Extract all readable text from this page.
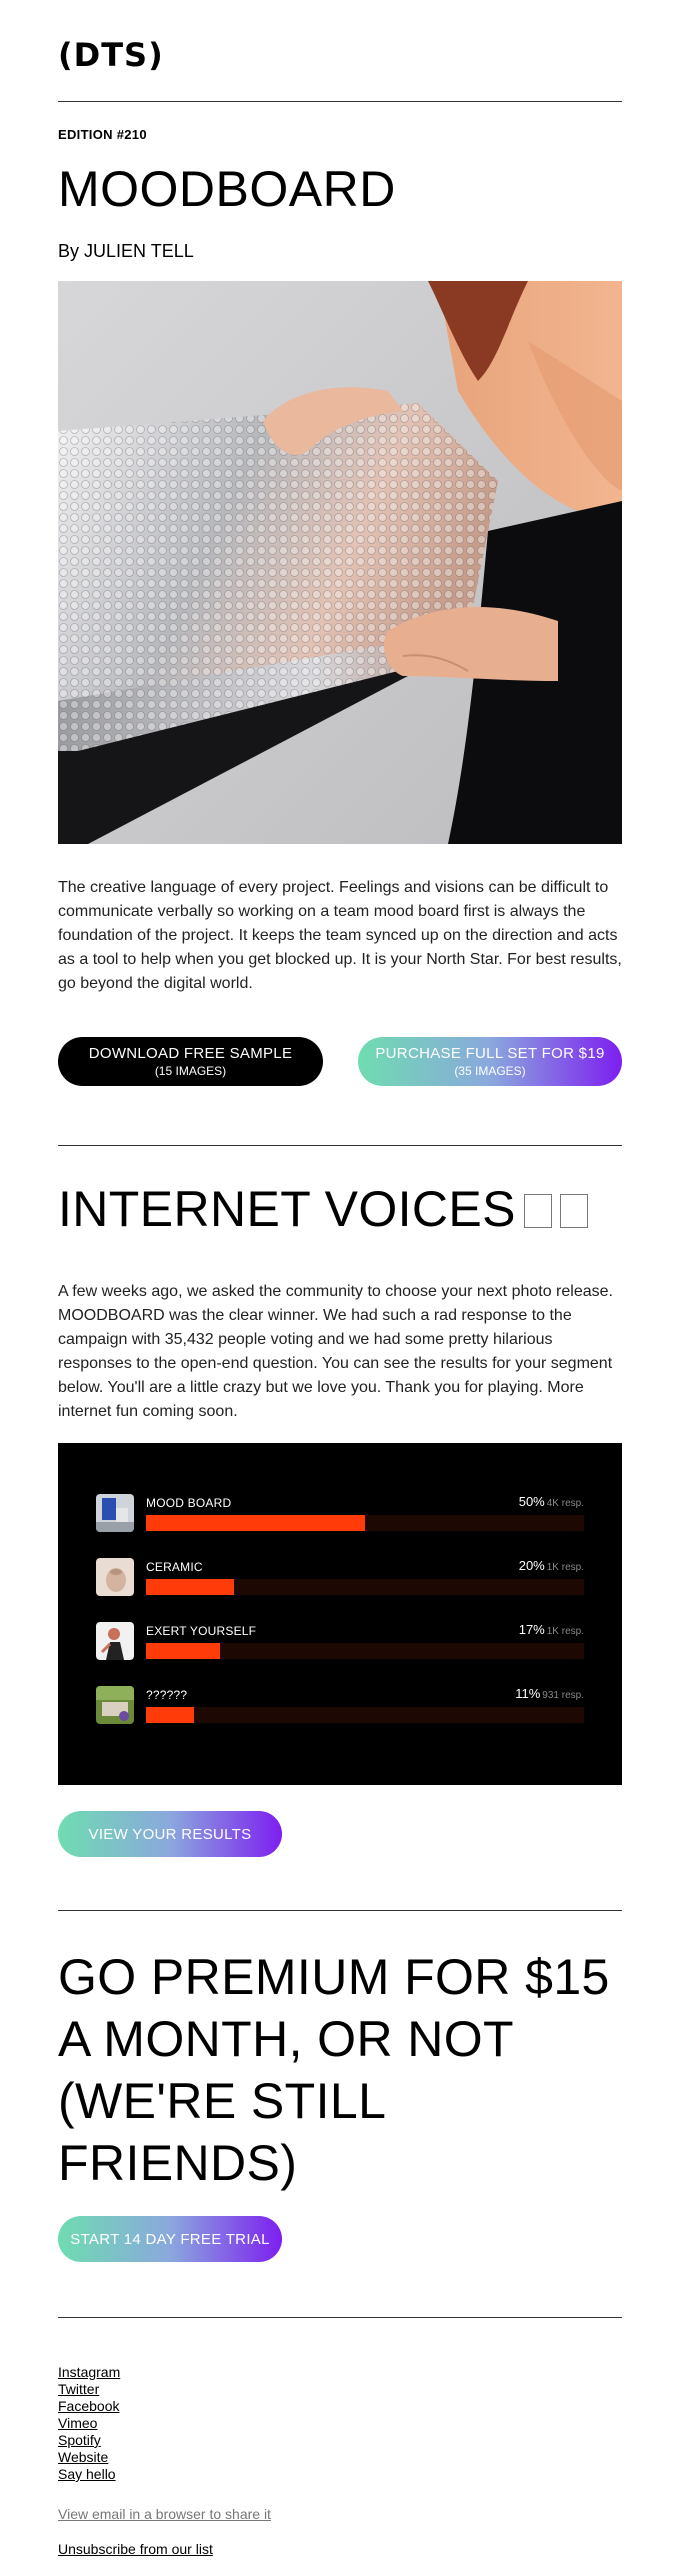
(DTS)
EDITION #210
MOODBOARD
By JULIEN TELL
The creative language of every project. Feelings and visions can be difficult to communicate verbally so working on a team mood board first is always the foundation of the project. It keeps the team synced up on the direction and acts as a tool to help when you get blocked up. It is your North Star. For best results, go beyond the digital world.
DOWNLOAD FREE SAMPLE
(15 IMAGES)
PURCHASE FULL SET FOR $19
(35 IMAGES)
INTERNET VOICES
A few weeks ago, we asked the community to choose your next photo release. MOODBOARD was the clear winner. We had such a rad response to the campaign with 35,432 people voting and we had some pretty hilarious responses to the open-end question. You can see the results for your segment below. You'll are a little crazy but we love you. Thank you for playing. More internet fun coming soon.
MOOD BOARD	50% 4K resp.
CERAMIC	20% 1K resp.
EXERT YOURSELF	17% 1K resp.
??????	11% 931 resp.
VIEW YOUR RESULTS
GO PREMIUM FOR $15 A MONTH, OR NOT (WE'RE STILL FRIENDS)
START 14 DAY FREE TRIAL
Instagram
Twitter
Facebook
Vimeo
Spotify
Website
Say hello
View email in a browser to share it
Unsubscribe from our list
